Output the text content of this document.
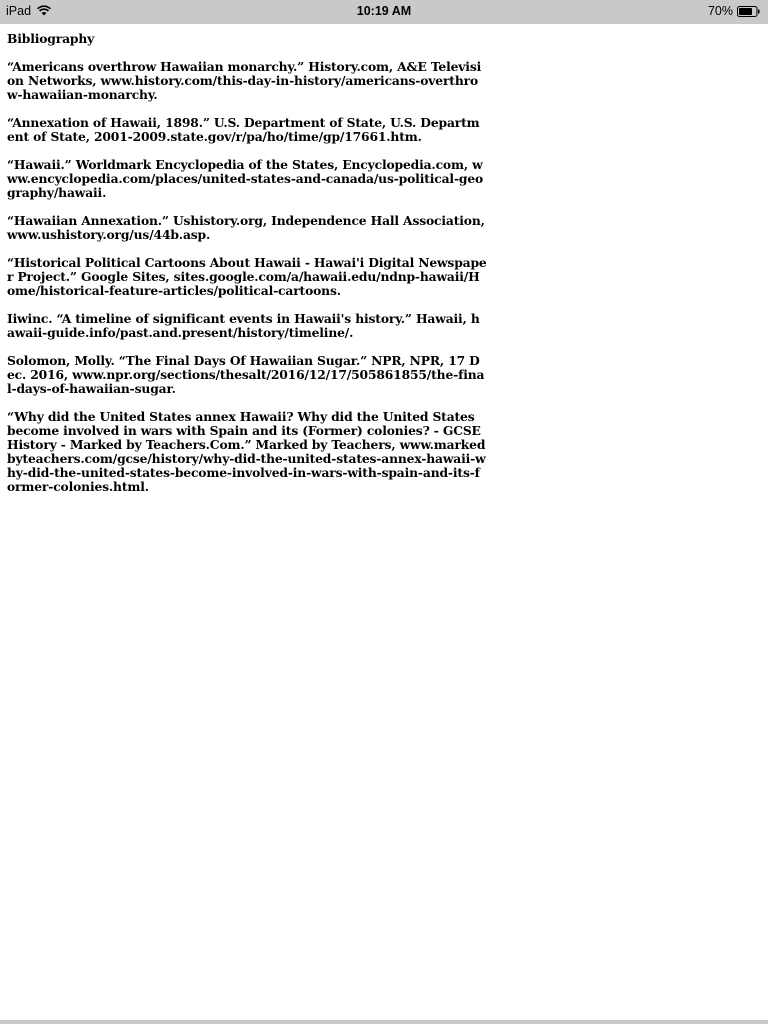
iPad	10:19 AM	70%
Bibliography

“Americans overthrow Hawaiian monarchy.” History.com, A&E Television Networks, www.history.com/this-day-in-history/americans-overthrow-hawaiian-monarchy.

“Annexation of Hawaii, 1898.” U.S. Department of State, U.S. Department of State, 2001-2009.state.gov/r/pa/ho/time/gp/17661.htm.

“Hawaii.” Worldmark Encyclopedia of the States, Encyclopedia.com, www.encyclopedia.com/places/united-states-and-canada/us-political-geography/hawaii.

“Hawaiian Annexation.” Ushistory.org, Independence Hall Association, www.ushistory.org/us/44b.asp.

“Historical Political Cartoons About Hawaii - Hawai'i Digital Newspaper Project.” Google Sites, sites.google.com/a/hawaii.edu/ndnp-hawaii/Home/historical-feature-articles/political-cartoons.

Iiwinc. “A timeline of significant events in Hawaii's history.” Hawaii, hawaii-guide.info/past.and.present/history/timeline/.

Solomon, Molly. “The Final Days Of Hawaiian Sugar.” NPR, NPR, 17 Dec. 2016, www.npr.org/sections/thesalt/2016/12/17/505861855/the-final-days-of-hawaiian-sugar.

“Why did the United States annex Hawaii? Why did the United States become involved in wars with Spain and its (Former) colonies? - GCSE History - Marked by Teachers.Com.” Marked by Teachers, www.markedbyteachers.com/gcse/history/why-did-the-united-states-annex-hawaii-why-did-the-united-states-become-involved-in-wars-with-spain-and-its-former-colonies.html.
